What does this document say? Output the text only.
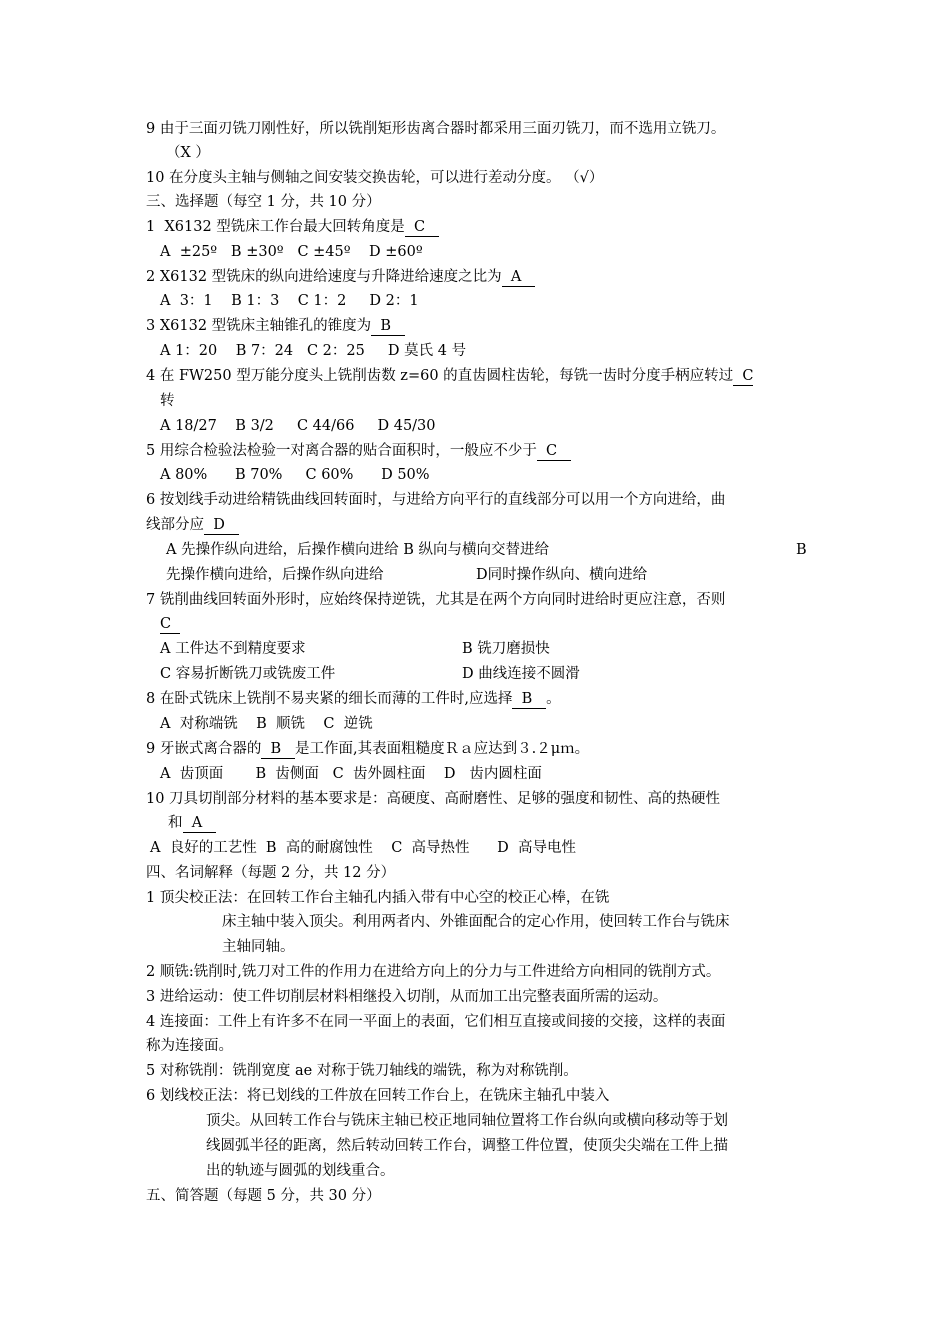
9 由于三面刃铣刀刚性好，所以铣削矩形齿离合器时都采用三面刃铣刀，而不选用立铣刀。
（X ）
10 在分度头主轴与侧轴之间安装交换齿轮，可以进行差动分度。 （√）
三、选择题（每空 1 分，共 10 分）
1  X6132 型铣床工作台最大回转角度是  C
A  ±25º   B ±30º   C ±45º    D ±60º
2 X6132 型铣床的纵向进给速度与升降进给速度之比为  A
A  3：1    B 1：3    C 1：2     D 2：1
3 X6132 型铣床主轴锥孔的锥度为  B
A 1：20    B 7：24   C 2：25     D 莫氏 4 号
4 在 FW250 型万能分度头上铣削齿数 z=60 的直齿圆柱齿轮，每铣一齿时分度手柄应转过  C
转
A 18/27    B 3/2     C 44/66     D 45/30
5 用综合检验法检验一对离合器的贴合面积时，一般应不少于  C
A 80%      B 70%     C 60%      D 50%
6 按划线手动进给精铣曲线回转面时，与进给方向平行的直线部分可以用一个方向进给，曲
线部分应  D
A 先操作纵向进给，后操作横向进给 B 纵向与横向交替进给	B
先操作横向进给，后操作纵向进给	D同时操作纵向、横向进给
7 铣削曲线回转面外形时，应始终保持逆铣，尤其是在两个方向同时进给时更应注意，否则
C
A 工件达不到精度要求	B 铣刀磨损快
C 容易折断铣刀或铣废工件	D 曲线连接不圆滑
8 在卧式铣床上铣削不易夹紧的细长而薄的工件时,应选择  B   。
A  对称端铣    B  顺铣    C  逆铣
9 牙嵌式离合器的  B   是工作面,其表面粗糙度Ｒａ应达到３.２μｍ。
A  齿顶面       B  齿侧面   C  齿外圆柱面    D   齿内圆柱面
10 刀具切削部分材料的基本要求是：高硬度、高耐磨性、足够的强度和韧性、高的热硬性
和  A
A  良好的工艺性  B  高的耐腐蚀性    C  高导热性      D  高导电性
四、名词解释（每题 2 分，共 12 分）
1 顶尖校正法：在回转工作台主轴孔内插入带有中心空的校正心棒，在铣
床主轴中装入顶尖。利用两者内、外锥面配合的定心作用，使回转工作台与铣床
主轴同轴。
2 顺铣:铣削时,铣刀对工件的作用力在进给方向上的分力与工件进给方向相同的铣削方式。
3 进给运动：使工件切削层材料相继投入切削，从而加工出完整表面所需的运动。
4 连接面：工件上有许多不在同一平面上的表面，它们相互直接或间接的交接，这样的表面
称为连接面。
5 对称铣削：铣削宽度 ae 对称于铣刀轴线的端铣，称为对称铣削。
6 划线校正法：将已划线的工件放在回转工作台上，在铣床主轴孔中装入
顶尖。从回转工作台与铣床主轴已校正地同轴位置将工作台纵向或横向移动等于划
线圆弧半径的距离，然后转动回转工作台，调整工件位置，使顶尖尖端在工件上描
出的轨迹与圆弧的划线重合。
五、简答题（每题 5 分，共 30 分）
